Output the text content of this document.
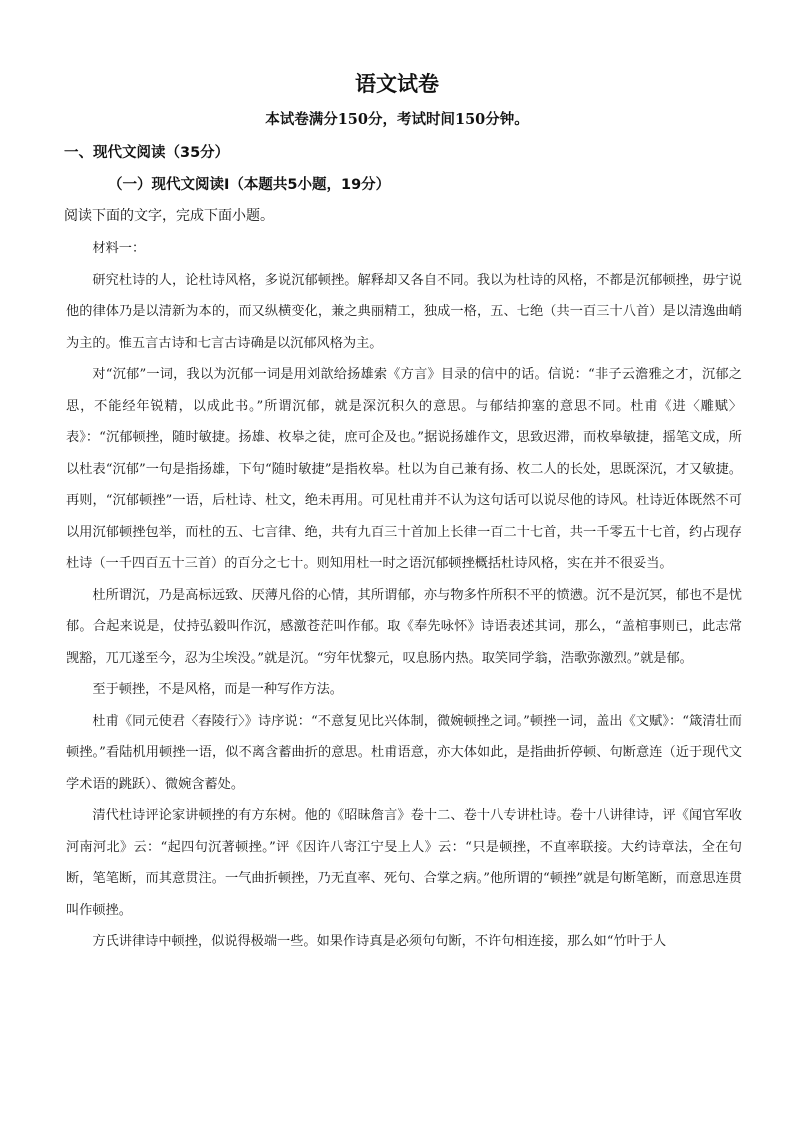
语文试卷
本试卷满分150分，考试时间150分钟。
一、现代文阅读（35分）
（一）现代文阅读Ⅰ（本题共5小题，19分）
阅读下面的文字，完成下面小题。

材料一：

研究杜诗的人，论杜诗风格，多说沉郁顿挫。解释却又各自不同。我以为杜诗的风格，不都是沉郁顿挫，毋宁说他的律体乃是以清新为本的，而又纵横变化，兼之典丽精工，独成一格，五、七绝（共一百三十八首）是以清逸曲峭为主的。惟五言古诗和七言古诗确是以沉郁风格为主。

对“沉郁”一词，我以为沉郁一词是用刘歆给扬雄索《方言》目录的信中的话。信说：“非子云澹雅之才，沉郁之思，不能经年锐精，以成此书。”所谓沉郁，就是深沉积久的意思。与郁结抑塞的意思不同。杜甫《进〈雕赋〉表》：“沉郁顿挫，随时敏捷。扬雄、枚皋之徒，庶可企及也。”据说扬雄作文，思致迟滞，而枚皋敏捷，摇笔文成，所以杜表“沉郁”一句是指扬雄，下句“随时敏捷”是指枚皋。杜以为自己兼有扬、枚二人的长处，思既深沉，才又敏捷。再则，“沉郁顿挫”一语，后杜诗、杜文，绝未再用。可见杜甫并不认为这句话可以说尽他的诗风。杜诗近体既然不可以用沉郁顿挫包举，而杜的五、七言律、绝，共有九百三十首加上长律一百二十七首，共一千零五十七首，约占现存杜诗（一千四百五十三首）的百分之七十。则知用杜一时之语沉郁顿挫概括杜诗风格，实在并不很妥当。

杜所谓沉，乃是高标远致、厌薄凡俗的心情，其所谓郁，亦与物多忤所积不平的愤懑。沉不是沉冥，郁也不是忧郁。合起来说是，仗持弘毅叫作沉，感激苍茫叫作郁。取《奉先咏怀》诗语表述其词，那么，“盖棺事则已，此志常觊豁，兀兀遂至今，忍为尘埃没。”就是沉。“穷年忧黎元，叹息肠内热。取笑同学翁，浩歌弥激烈。”就是郁。

至于顿挫，不是风格，而是一种写作方法。

杜甫《同元使君〈舂陵行〉》诗序说：“不意复见比兴体制，微婉顿挫之词。”顿挫一词，盖出《文赋》：“箴清壮而顿挫。”看陆机用顿挫一语，似不离含蓄曲折的意思。杜甫语意，亦大体如此，是指曲折停顿、句断意连（近于现代文学术语的跳跃）、微婉含蓄处。

清代杜诗评论家讲顿挫的有方东树。他的《昭昧詹言》卷十二、卷十八专讲杜诗。卷十八讲律诗，评《闻官军收河南河北》云：“起四句沉著顿挫。”评《因许八寄江宁旻上人》云：“只是顿挫，不直率联接。大约诗章法，全在句断，笔笔断，而其意贯注。一气曲折顿挫，乃无直率、死句、合掌之病。”他所谓的“顿挫”就是句断笔断，而意思连贯叫作顿挫。

方氏讲律诗中顿挫，似说得极端一些。如果作诗真是必须句句断，不许句相连接，那么如“竹叶于人
